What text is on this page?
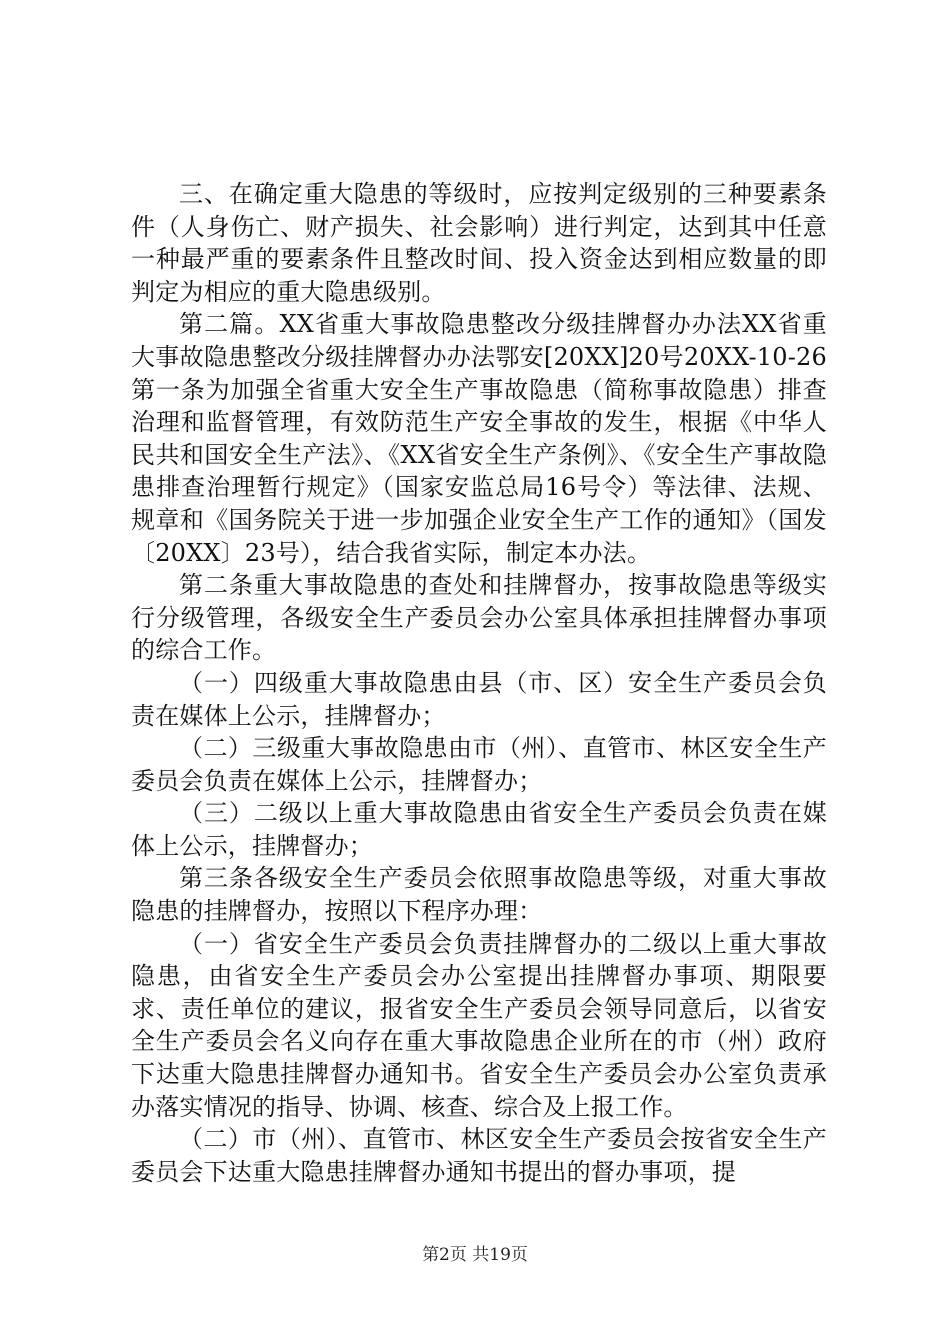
三、在确定重大隐患的等级时，应按判定级别的三种要素条件（人身伤亡、财产损失、社会影响）进行判定，达到其中任意一种最严重的要素条件且整改时间、投入资金达到相应数量的即判定为相应的重大隐患级别。

第二篇。XX省重大事故隐患整改分级挂牌督办办法XX省重大事故隐患整改分级挂牌督办办法鄂安[20XX]20号20XX-10-26第一条为加强全省重大安全生产事故隐患（简称事故隐患）排查治理和监督管理，有效防范生产安全事故的发生，根据《中华人民共和国安全生产法》、《XX省安全生产条例》、《安全生产事故隐患排查治理暂行规定》（国家安监总局16号令）等法律、法规、规章和《国务院关于进一步加强企业安全生产工作的通知》（国发〔20XX〕23号），结合我省实际，制定本办法。

第二条重大事故隐患的查处和挂牌督办，按事故隐患等级实行分级管理，各级安全生产委员会办公室具体承担挂牌督办事项的综合工作。

（一）四级重大事故隐患由县（市、区）安全生产委员会负责在媒体上公示，挂牌督办；

（二）三级重大事故隐患由市（州）、直管市、林区安全生产委员会负责在媒体上公示，挂牌督办；

（三）二级以上重大事故隐患由省安全生产委员会负责在媒体上公示，挂牌督办；

第三条各级安全生产委员会依照事故隐患等级，对重大事故隐患的挂牌督办，按照以下程序办理：

（一）省安全生产委员会负责挂牌督办的二级以上重大事故隐患，由省安全生产委员会办公室提出挂牌督办事项、期限要求、责任单位的建议，报省安全生产委员会领导同意后，以省安全生产委员会名义向存在重大事故隐患企业所在的市（州）政府下达重大隐患挂牌督办通知书。省安全生产委员会办公室负责承办落实情况的指导、协调、核查、综合及上报工作。

（二）市（州）、直管市、林区安全生产委员会按省安全生产委员会下达重大隐患挂牌督办通知书提出的督办事项，提

第2页 共19页
